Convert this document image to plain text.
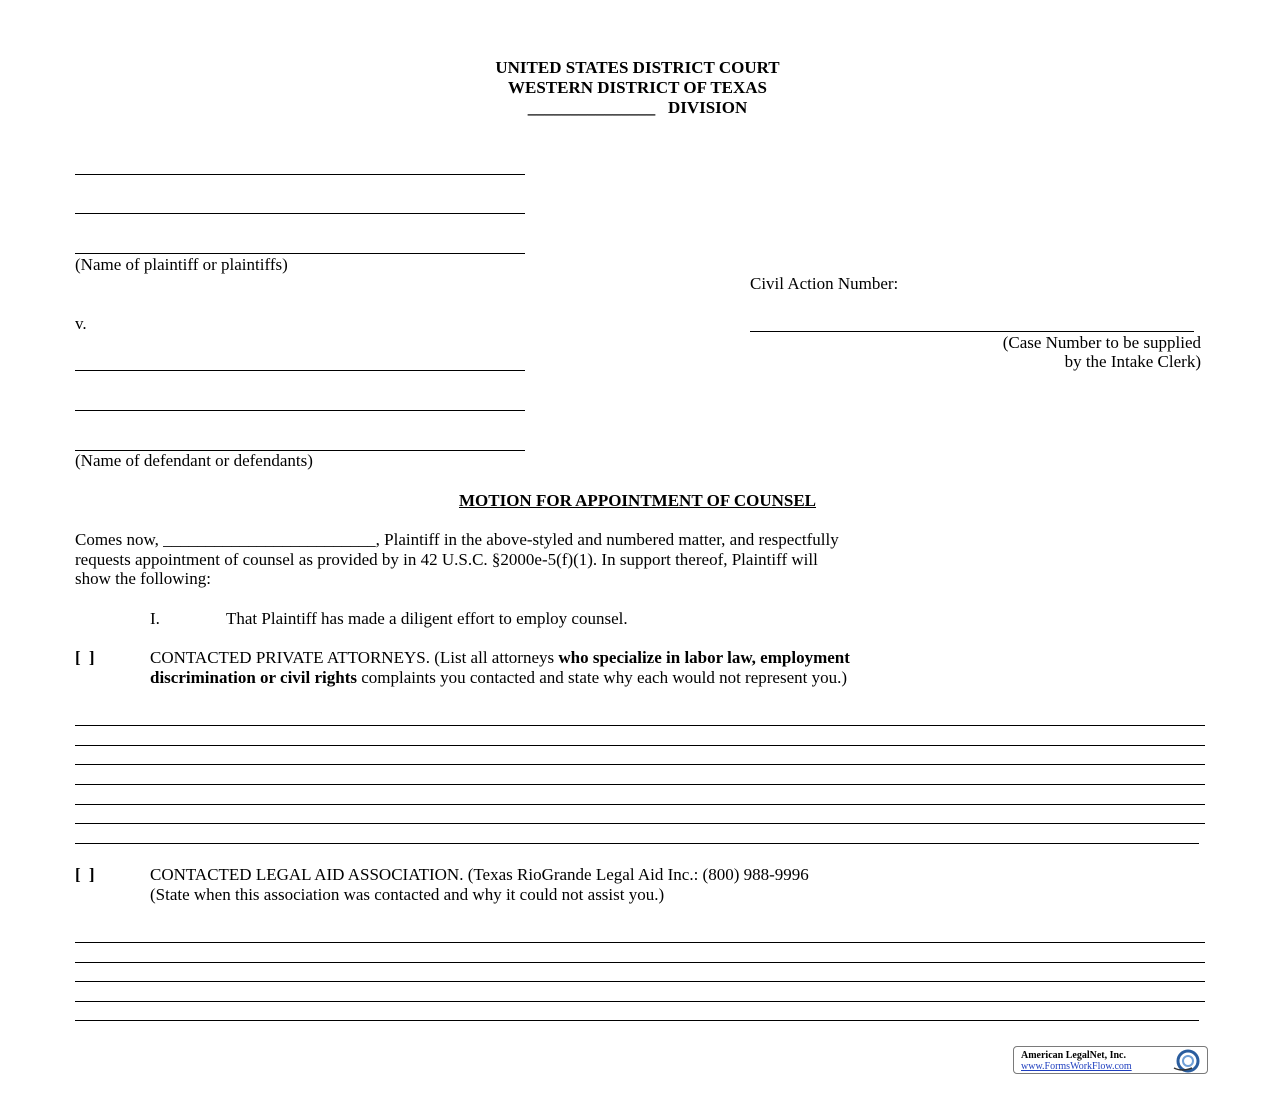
UNITED STATES DISTRICT COURT
WESTERN DISTRICT OF TEXAS
_______________ DIVISION
(Name of plaintiff or plaintiffs)
Civil Action Number:
(Case Number to be supplied
by the Intake Clerk)
v.
(Name of defendant or defendants)
MOTION FOR APPOINTMENT OF COUNSEL
Comes now, _________________________, Plaintiff in the above-styled and numbered matter, and respectfully
requests appointment of counsel as provided by in 42 U.S.C. §2000e-5(f)(1). In support thereof, Plaintiff will
show the following:
I.	That Plaintiff has made a diligent effort to employ counsel.
[ ]	CONTACTED PRIVATE ATTORNEYS. (List all attorneys who specialize in labor law, employment
discrimination or civil rights complaints you contacted and state why each would not represent you.)
[ ]	CONTACTED LEGAL AID ASSOCIATION. (Texas RioGrande Legal Aid Inc.: (800) 988-9996
(State when this association was contacted and why it could not assist you.)
American LegalNet, Inc.
www.FormsWorkFlow.com
